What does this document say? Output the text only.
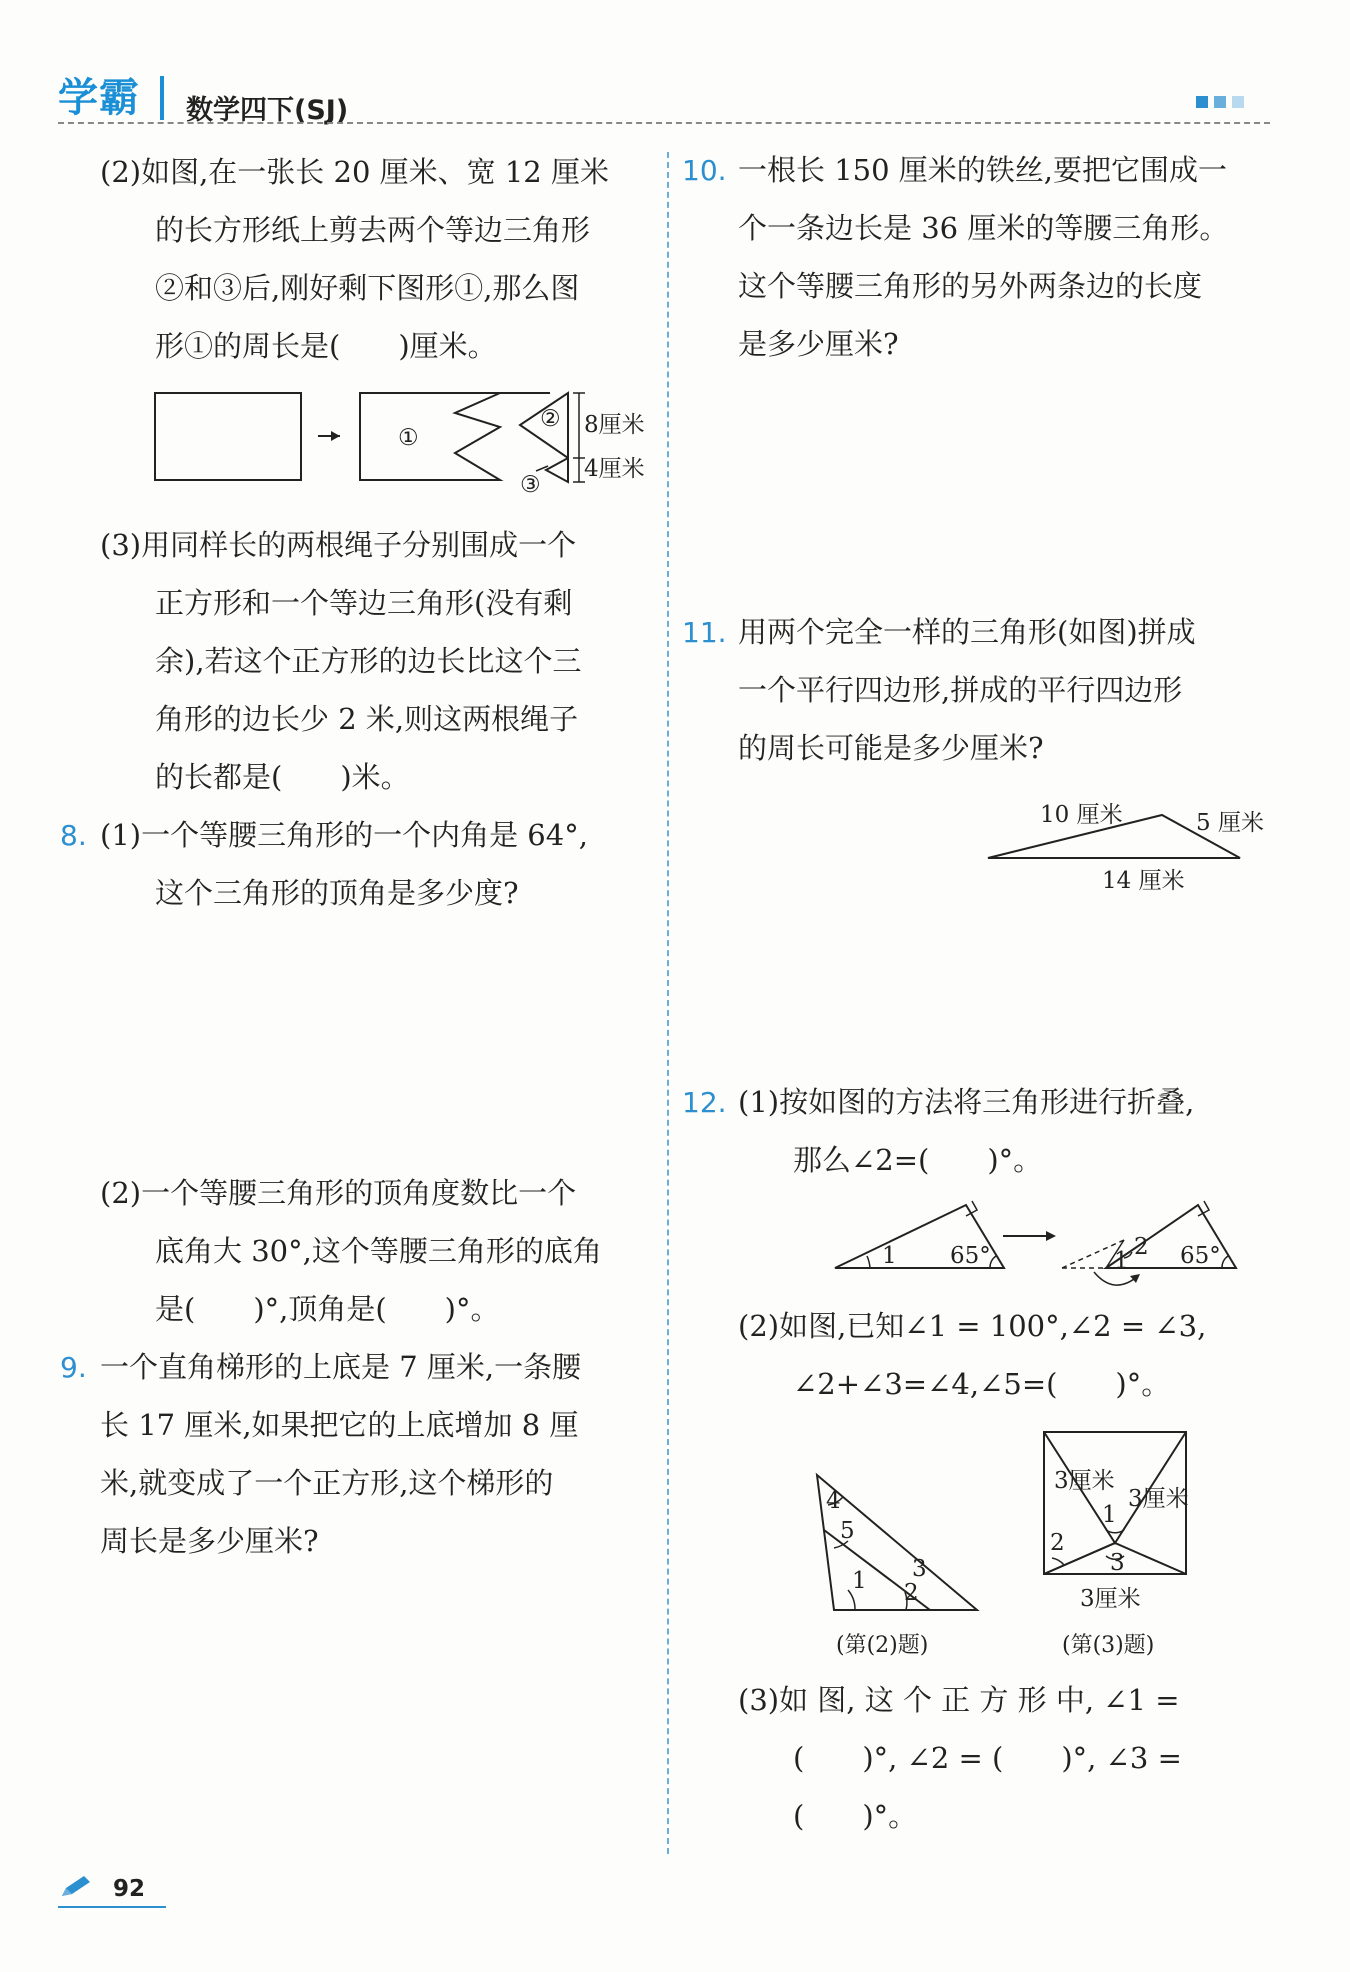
学霸 数学四下(SJ)
(2)如图,在一张长 20 厘米、宽 12 厘米
的长方形纸上剪去两个等边三角形
②和③后,刚好剩下图形①,那么图
形①的周长是(　　)厘米。
①
②
③
8厘米
4厘米
(3)用同样长的两根绳子分别围成一个
正方形和一个等边三角形(没有剩
余),若这个正方形的边长比这个三
角形的边长少 2 米,则这两根绳子
的长都是(　　)米。
8. (1)一个等腰三角形的一个内角是 64°,
这个三角形的顶角是多少度?
(2)一个等腰三角形的顶角度数比一个
底角大 30°,这个等腰三角形的底角
是(　　)°,顶角是(　　)°。
9. 一个直角梯形的上底是 7 厘米,一条腰
长 17 厘米,如果把它的上底增加 8 厘
米,就变成了一个正方形,这个梯形的
周长是多少厘米?
10. 一根长 150 厘米的铁丝,要把它围成一
个一条边长是 36 厘米的等腰三角形。
这个等腰三角形的另外两条边的长度
是多少厘米?
11. 用两个完全一样的三角形(如图)拼成
一个平行四边形,拼成的平行四边形
的周长可能是多少厘米?
10 厘米	5 厘米
14 厘米
12. (1)按如图的方法将三角形进行折叠,
那么∠2=(　　)°。
1 65°	1
2 65°
(2)如图,已知∠1 = 100°,∠2 = ∠3,
∠2+∠3=∠4,∠5=(　　)°。
4
5
1 3
2
(第(2)题)
3厘米
3厘米
1
2
3
3厘米
(第(3)题)
(3)如 图, 这 个 正 方 形 中, ∠1 =
(　　)°, ∠2 = (　　)°, ∠3 =
(　　)°。
92
